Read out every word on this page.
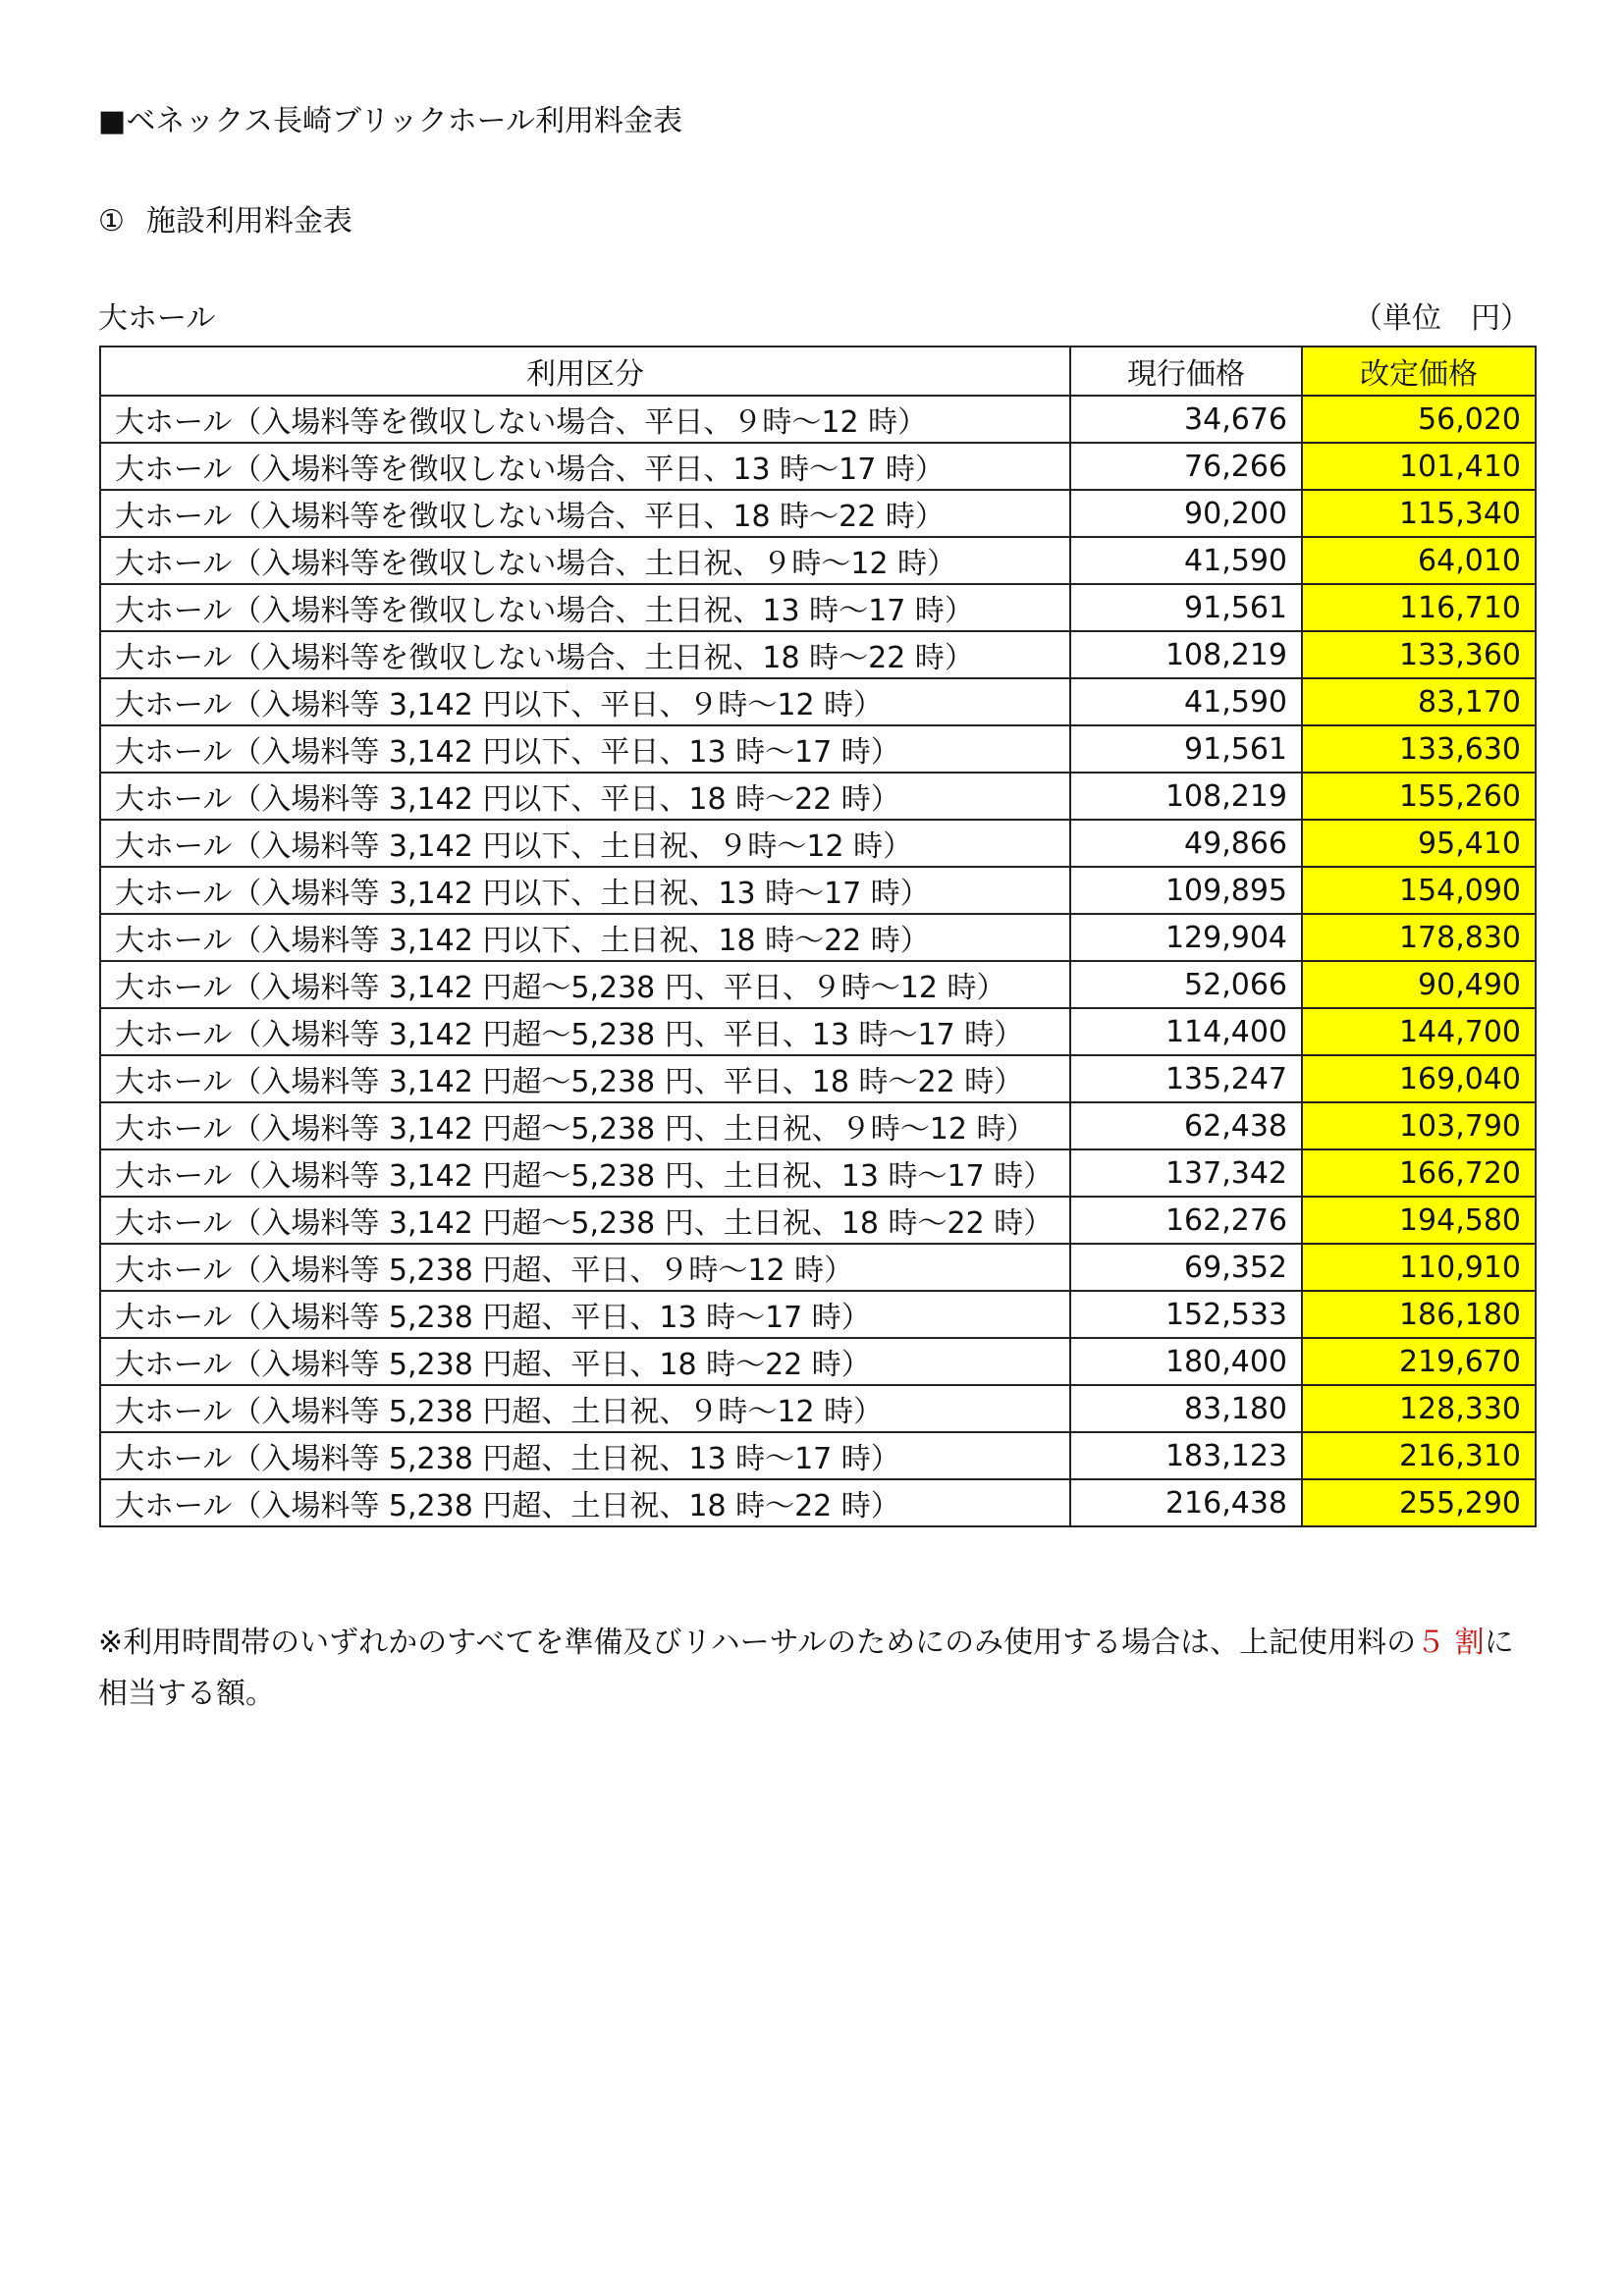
■ベネックス長崎ブリックホール利用料金表
① 施設利用料金表
大ホール	（単位　円）
利用区分	現行価格	改定価格
大ホール（入場料等を徴収しない場合、平日、９時～12 時）	34,676	56,020
大ホール（入場料等を徴収しない場合、平日、13 時～17 時）	76,266	101,410
大ホール（入場料等を徴収しない場合、平日、18 時～22 時）	90,200	115,340
大ホール（入場料等を徴収しない場合、土日祝、９時～12 時）	41,590	64,010
大ホール（入場料等を徴収しない場合、土日祝、13 時～17 時）	91,561	116,710
大ホール（入場料等を徴収しない場合、土日祝、18 時～22 時）	108,219	133,360
大ホール（入場料等 3,142 円以下、平日、９時～12 時）	41,590	83,170
大ホール（入場料等 3,142 円以下、平日、13 時～17 時）	91,561	133,630
大ホール（入場料等 3,142 円以下、平日、18 時～22 時）	108,219	155,260
大ホール（入場料等 3,142 円以下、土日祝、９時～12 時）	49,866	95,410
大ホール（入場料等 3,142 円以下、土日祝、13 時～17 時）	109,895	154,090
大ホール（入場料等 3,142 円以下、土日祝、18 時～22 時）	129,904	178,830
大ホール（入場料等 3,142 円超～5,238 円、平日、９時～12 時）	52,066	90,490
大ホール（入場料等 3,142 円超～5,238 円、平日、13 時～17 時）	114,400	144,700
大ホール（入場料等 3,142 円超～5,238 円、平日、18 時～22 時）	135,247	169,040
大ホール（入場料等 3,142 円超～5,238 円、土日祝、９時～12 時）	62,438	103,790
大ホール（入場料等 3,142 円超～5,238 円、土日祝、13 時～17 時）	137,342	166,720
大ホール（入場料等 3,142 円超～5,238 円、土日祝、18 時～22 時）	162,276	194,580
大ホール（入場料等 5,238 円超、平日、９時～12 時）	69,352	110,910
大ホール（入場料等 5,238 円超、平日、13 時～17 時）	152,533	186,180
大ホール（入場料等 5,238 円超、平日、18 時～22 時）	180,400	219,670
大ホール（入場料等 5,238 円超、土日祝、９時～12 時）	83,180	128,330
大ホール（入場料等 5,238 円超、土日祝、13 時～17 時）	183,123	216,310
大ホール（入場料等 5,238 円超、土日祝、18 時～22 時）	216,438	255,290
※利用時間帯のいずれかのすべてを準備及びリハーサルのためにのみ使用する場合は、上記使用料の５ 割に相当する額。
